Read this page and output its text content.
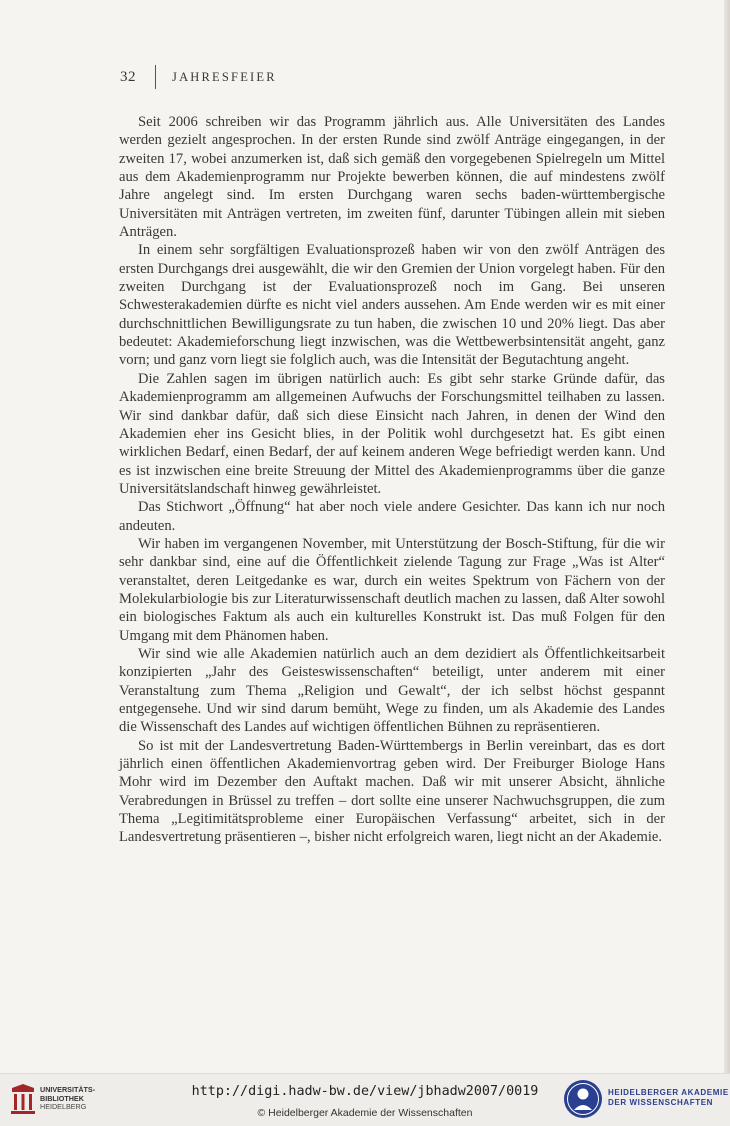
32	JAHRESFEIER

Seit 2006 schreiben wir das Programm jährlich aus. Alle Universitäten des Landes werden gezielt angesprochen. In der ersten Runde sind zwölf Anträge eingegangen, in der zweiten 17, wobei anzumerken ist, daß sich gemäß den vorgegebenen Spielregeln um Mittel aus dem Akademienprogramm nur Projekte bewerben können, die auf mindestens zwölf Jahre angelegt sind. Im ersten Durchgang waren sechs baden-württembergische Universitäten mit Anträgen vertreten, im zweiten fünf, darunter Tübingen allein mit sieben Anträgen.

In einem sehr sorgfältigen Evaluationsprozeß haben wir von den zwölf Anträgen des ersten Durchgangs drei ausgewählt, die wir den Gremien der Union vorgelegt haben. Für den zweiten Durchgang ist der Evaluationsprozeß noch im Gang. Bei unseren Schwesterakademien dürfte es nicht viel anders aussehen. Am Ende werden wir es mit einer durchschnittlichen Bewilligungsrate zu tun haben, die zwischen 10 und 20% liegt. Das aber bedeutet: Akademieforschung liegt inzwischen, was die Wettbewerbsintensität angeht, ganz vorn; und ganz vorn liegt sie folglich auch, was die Intensität der Begutachtung angeht.

Die Zahlen sagen im übrigen natürlich auch: Es gibt sehr starke Gründe dafür, das Akademienprogramm am allgemeinen Aufwuchs der Forschungsmittel teilhaben zu lassen. Wir sind dankbar dafür, daß sich diese Einsicht nach Jahren, in denen der Wind den Akademien eher ins Gesicht blies, in der Politik wohl durchgesetzt hat. Es gibt einen wirklichen Bedarf, einen Bedarf, der auf keinem anderen Wege befriedigt werden kann. Und es ist inzwischen eine breite Streuung der Mittel des Akademienprogramms über die ganze Universitätslandschaft hinweg gewährleistet.

Das Stichwort „Öffnung“ hat aber noch viele andere Gesichter. Das kann ich nur noch andeuten.

Wir haben im vergangenen November, mit Unterstützung der Bosch-Stiftung, für die wir sehr dankbar sind, eine auf die Öffentlichkeit zielende Tagung zur Frage „Was ist Alter“ veranstaltet, deren Leitgedanke es war, durch ein weites Spektrum von Fächern von der Molekularbiologie bis zur Literaturwissenschaft deutlich machen zu lassen, daß Alter sowohl ein biologisches Faktum als auch ein kulturelles Konstrukt ist. Das muß Folgen für den Umgang mit dem Phänomen haben.

Wir sind wie alle Akademien natürlich auch an dem dezidiert als Öffentlichkeitsarbeit konzipierten „Jahr des Geisteswissenschaften“ beteiligt, unter anderem mit einer Veranstaltung zum Thema „Religion und Gewalt“, der ich selbst höchst gespannt entgegensehe. Und wir sind darum bemüht, Wege zu finden, um als Akademie des Landes die Wissenschaft des Landes auf wichtigen öffentlichen Bühnen zu repräsentieren.

So ist mit der Landesvertretung Baden-Württembergs in Berlin vereinbart, das es dort jährlich einen öffentlichen Akademienvortrag geben wird. Der Freiburger Biologe Hans Mohr wird im Dezember den Auftakt machen. Daß wir mit unserer Absicht, ähnliche Verabredungen in Brüssel zu treffen – dort sollte eine unserer Nachwuchsgruppen, die zum Thema „Legitimitätsprobleme einer Europäischen Verfassung“ arbeitet, sich in der Landesvertretung präsentieren –, bisher nicht erfolgreich waren, liegt nicht an der Akademie.

UNIVERSITÄTS-
BIBLIOTHEK
HEIDELBERG
http://digi.hadw-bw.de/view/jbhadw2007/0019
© Heidelberger Akademie der Wissenschaften
HEIDELBERGER AKADEMIE
DER WISSENSCHAFTEN
